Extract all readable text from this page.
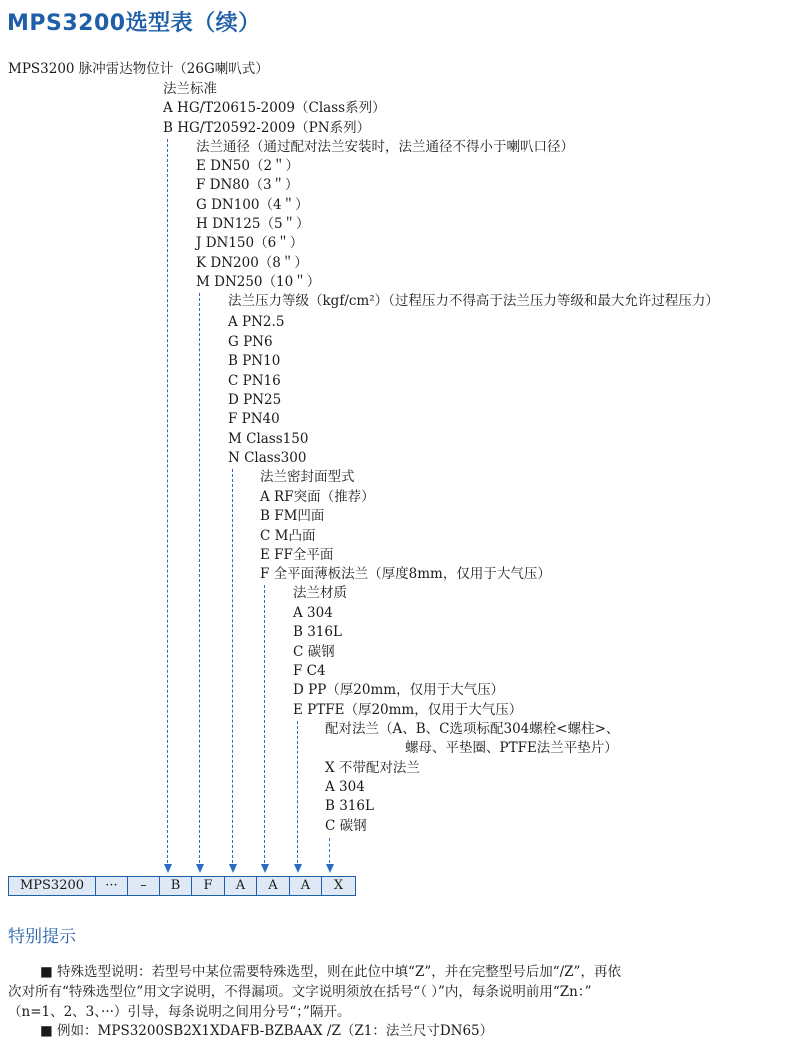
MPS3200选型表（续）
MPS3200 脉冲雷达物位计（26G喇叭式）
法兰标准
A HG/T20615-2009（Class系列）
B HG/T20592-2009（PN系列）
法兰通径（通过配对法兰安装时，法兰通径不得小于喇叭口径）
E DN50（2＂）
F DN80（3＂）
G DN100（4＂）
H DN125（5＂）
J DN150（6＂）
K DN200（8＂）
M DN250（10＂）
法兰压力等级（kgf/cm²）（过程压力不得高于法兰压力等级和最大允许过程压力）
A PN2.5
G PN6
B PN10
C PN16
D PN25
F PN40
M Class150
N Class300
法兰密封面型式
A RF突面（推荐）
B FM凹面
C M凸面
E FF全平面
F 全平面薄板法兰（厚度8mm，仅用于大气压）
法兰材质
A 304
B 316L
C 碳钢
F C4
D PP（厚20mm，仅用于大气压）
E PTFE（厚20mm，仅用于大气压）
配对法兰（A、B、C选项标配304螺栓<螺柱>、
螺母、平垫圈、PTFE法兰平垫片）
X 不带配对法兰
A 304
B 316L
C 碳钢
MPS3200	···	–	B	F	A	A	A	X
特别提示
■ 特殊选型说明：若型号中某位需要特殊选型，则在此位中填“Z”，并在完整型号后加“/Z”，再依
次对所有“特殊选型位”用文字说明，不得漏项。文字说明须放在括号“（ ）”内，每条说明前用“Zn：”
（n=1、2、3、···）引导，每条说明之间用分号“；”隔开。
■ 例如：MPS3200SB2X1XDAFB-BZBAAX /Z（Z1：法兰尺寸DN65）
